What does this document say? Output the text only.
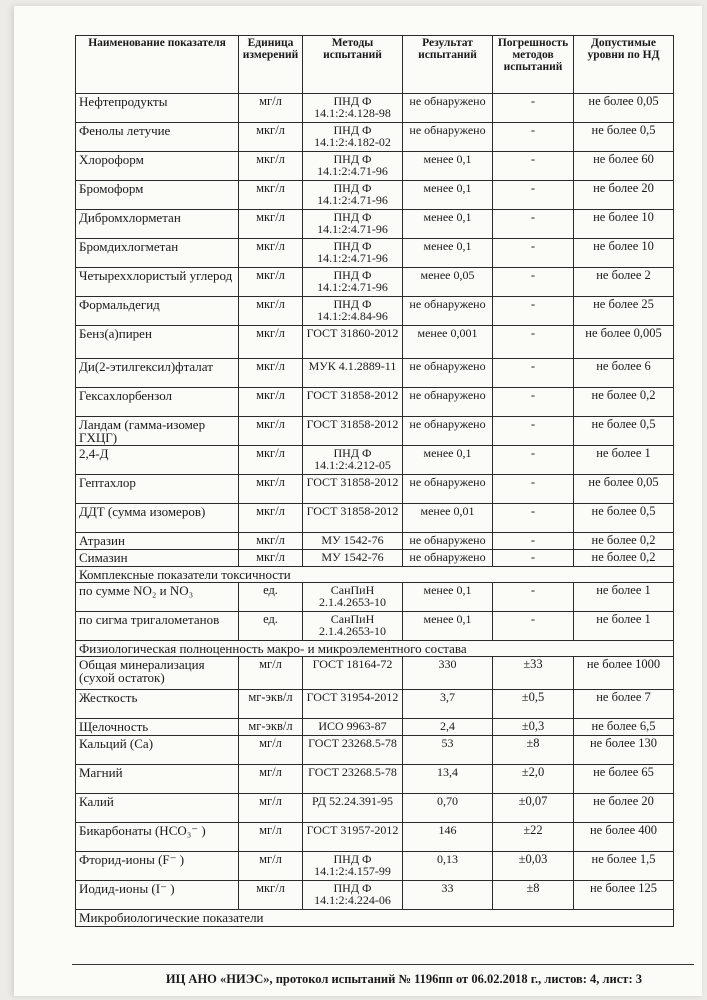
Наименование показателя	Единица измерений	Методы испытаний	Результат испытаний	Погрешность методов испытаний	Допустимые уровни по НД
Нефтепродукты	мг/л	ПНД Ф 14.1:2:4.128-98	не обнаружено	-	не более 0,05
Фенолы летучие	мкг/л	ПНД Ф 14.1:2:4.182-02	не обнаружено	-	не более 0,5
Хлороформ	мкг/л	ПНД Ф 14.1:2:4.71-96	менее 0,1	-	не более 60
Бромоформ	мкг/л	ПНД Ф 14.1:2:4.71-96	менее 0,1	-	не более 20
Дибромхлорметан	мкг/л	ПНД Ф 14.1:2:4.71-96	менее 0,1	-	не более 10
Бромдихлогметан	мкг/л	ПНД Ф 14.1:2:4.71-96	менее 0,1	-	не более 10
Четыреххлористый углерод	мкг/л	ПНД Ф 14.1:2:4.71-96	менее 0,05	-	не более 2
Формальдегид	мкг/л	ПНД Ф 14.1:2:4.84-96	не обнаружено	-	не более 25
Бенз(а)пирен	мкг/л	ГОСТ 31860-2012	менее 0,001	-	не более 0,005
Ди(2-этилгексил)фталат	мкг/л	МУК 4.1.2889-11	не обнаружено	-	не более 6
Гексахлорбензол	мкг/л	ГОСТ 31858-2012	не обнаружено	-	не более 0,2
Ландам (гамма-изомер ГХЦГ)	мкг/л	ГОСТ 31858-2012	не обнаружено	-	не более 0,5
2,4-Д	мкг/л	ПНД Ф 14.1:2:4.212-05	менее 0,1	-	не более 1
Гептахлор	мкг/л	ГОСТ 31858-2012	не обнаружено	-	не более 0,05
ДДТ (сумма изомеров)	мкг/л	ГОСТ 31858-2012	менее 0,01	-	не более 0,5
Атразин	мкг/л	МУ 1542-76	не обнаружено	-	не более 0,2
Симазин	мкг/л	МУ 1542-76	не обнаружено	-	не более 0,2
Комплексные показатели токсичности					
по сумме NO₂ и NO₃	ед.	СанПиН 2.1.4.2653-10	менее 0,1	-	не более 1
по сигма тригалометанов	ед.	СанПиН 2.1.4.2653-10	менее 0,1	-	не более 1
Физиологическая полноценность макро- и микроэлементного состава					
Общая минерализация (сухой остаток)	мг/л	ГОСТ 18164-72	330	±33	не более 1000
Жесткость	мг-экв/л	ГОСТ 31954-2012	3,7	±0,5	не более 7
Щелочность	мг-экв/л	ИСО 9963-87	2,4	±0,3	не более 6,5
Кальций (Са)	мг/л	ГОСТ 23268.5-78	53	±8	не более 130
Магний	мг/л	ГОСТ 23268.5-78	13,4	±2,0	не более 65
Калий	мг/л	РД 52.24.391-95	0,70	±0,07	не более 20
Бикарбонаты (HCO₃⁻ )	мг/л	ГОСТ 31957-2012	146	±22	не более 400
Фторид-ионы (F⁻ )	мг/л	ПНД Ф 14.1:2:4.157-99	0,13	±0,03	не более 1,5
Иодид-ионы (I⁻ )	мкг/л	ПНД Ф 14.1:2:4.224-06	33	±8	не более 125
Микробиологические показатели					
ИЦ АНО «НИЭС», протокол испытаний № 1196пп от 06.02.2018 г., листов: 4, лист: 3
